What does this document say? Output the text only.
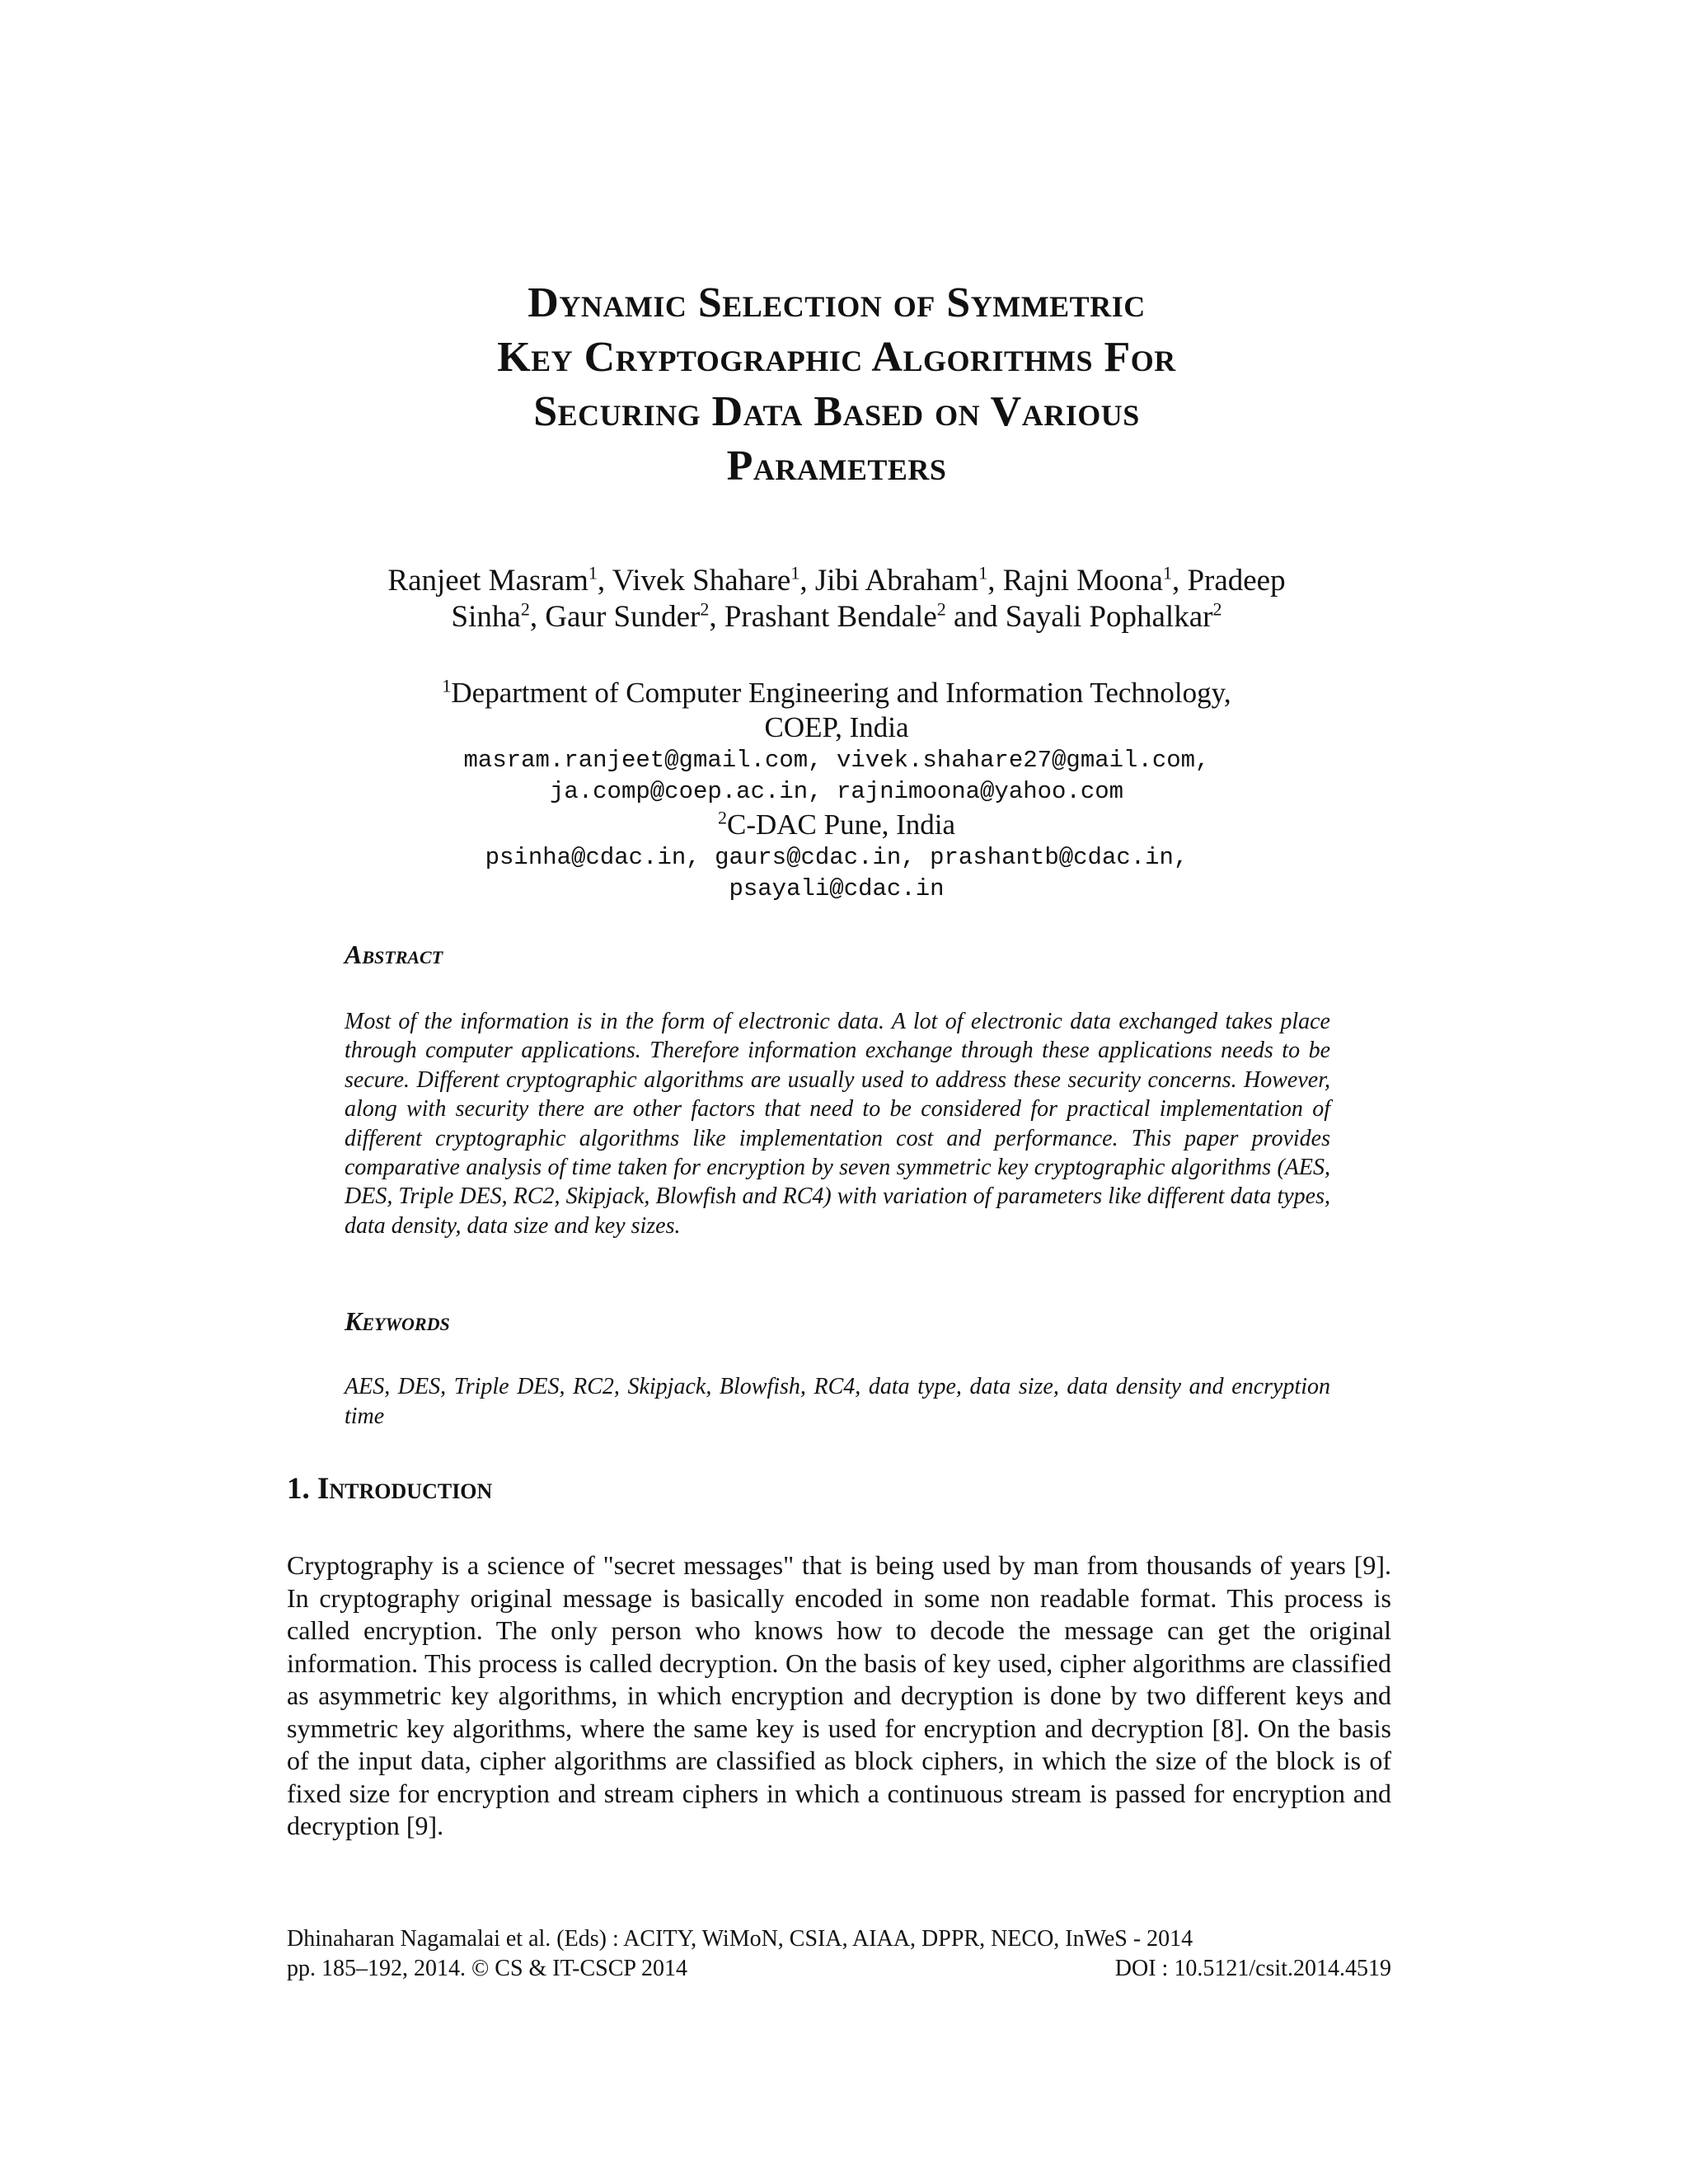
Dynamic Selection of Symmetric
Key Cryptographic Algorithms For
Securing Data Based on Various
Parameters
Ranjeet Masram$^1$, Vivek Shahare$^1$, Jibi Abraham$^1$, Rajni Moona$^1$, Pradeep
Sinha$^2$, Gaur Sunder$^2$, Prashant Bendale$^2$ and Sayali Pophalkar$^2$
$^1$Department of Computer Engineering and Information Technology,
COEP, India
masram.ranjeet@gmail.com, vivek.shahare27@gmail.com,
ja.comp@coep.ac.in, rajnimoona@yahoo.com
$^2$C-DAC Pune, India
psinha@cdac.in, gaurs@cdac.in, prashantb@cdac.in,
psayali@cdac.in
Abstract
Most of the information is in the form of electronic data. A lot of electronic data exchanged takes place through computer applications. Therefore information exchange through these applications needs to be secure. Different cryptographic algorithms are usually used to address these security concerns. However, along with security there are other factors that need to be considered for practical implementation of different cryptographic algorithms like implementation cost and performance. This paper provides comparative analysis of time taken for encryption by seven symmetric key cryptographic algorithms (AES, DES, Triple DES, RC2, Skipjack, Blowfish and RC4) with variation of parameters like different data types, data density, data size and key sizes.
Keywords
AES, DES, Triple DES, RC2, Skipjack, Blowfish, RC4, data type, data size, data density and encryption time
1. Introduction
Cryptography is a science of "secret messages" that is being used by man from thousands of years [9]. In cryptography original message is basically encoded in some non readable format. This process is called encryption. The only person who knows how to decode the message can get the original information. This process is called decryption. On the basis of key used, cipher algorithms are classified as asymmetric key algorithms, in which encryption and decryption is done by two different keys and symmetric key algorithms, where the same key is used for encryption and decryption [8]. On the basis of the input data, cipher algorithms are classified as block ciphers, in which the size of the block is of fixed size for encryption and stream ciphers in which a continuous stream is passed for encryption and decryption [9].
Dhinaharan Nagamalai et al. (Eds) : ACITY, WiMoN, CSIA, AIAA, DPPR, NECO, InWeS - 2014
pp. 185–192, 2014. © CS & IT-CSCP 2014	DOI : 10.5121/csit.2014.4519
